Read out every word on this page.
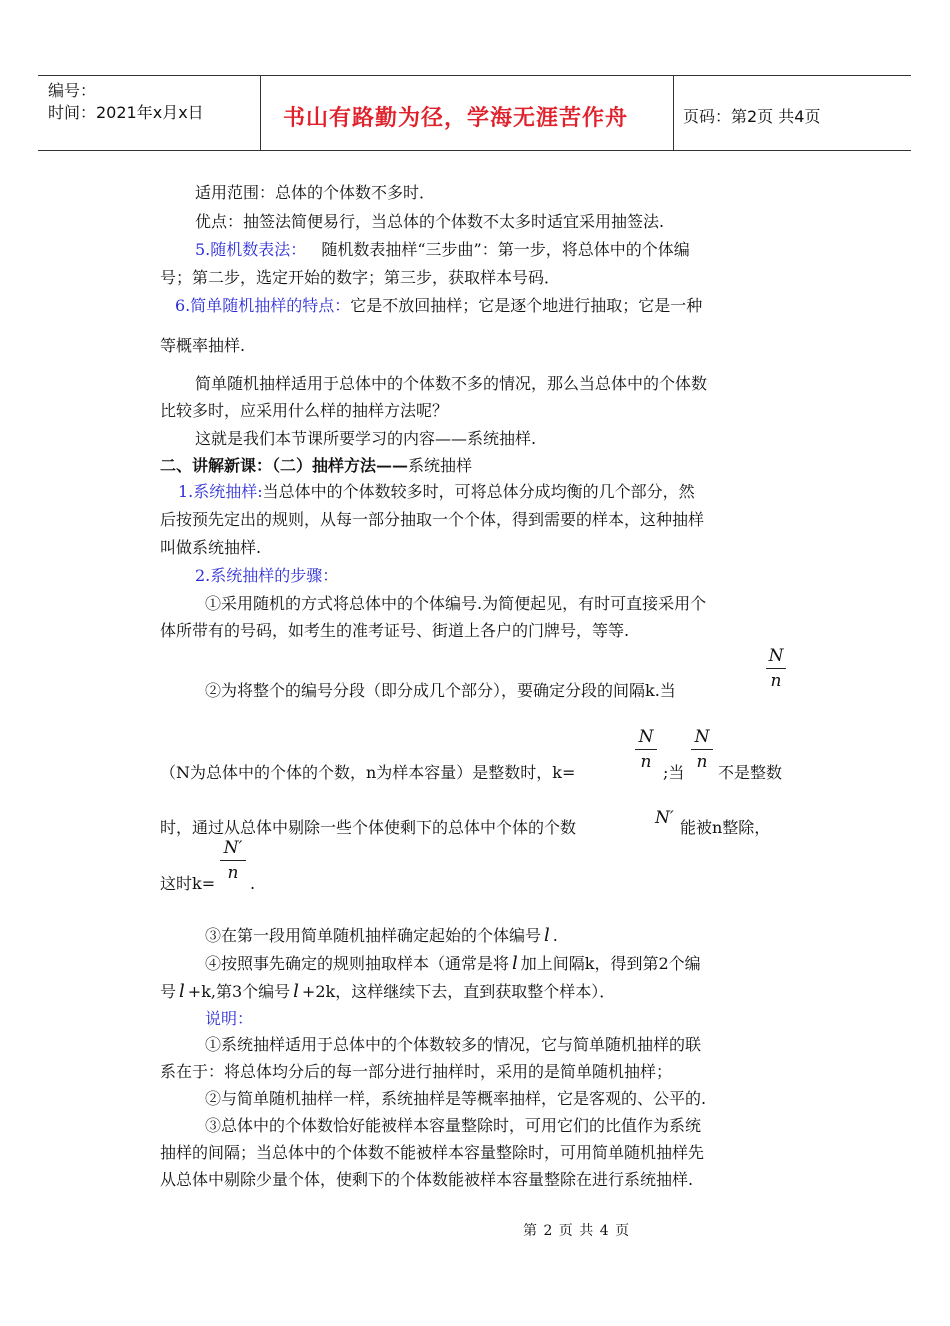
编号：
时间：2021年x月x日	书山有路勤为径，学海无涯苦作舟	页码：第2页 共4页
适用范围：总体的个体数不多时．
优点：抽签法简便易行，当总体的个体数不太多时适宜采用抽签法.
5.随机数表法： 随机数表抽样“三步曲”：第一步，将总体中的个体编
号；第二步，选定开始的数字；第三步，获取样本号码．
6.简单随机抽样的特点：它是不放回抽样；它是逐个地进行抽取；它是一种
等概率抽样.
简单随机抽样适用于总体中的个体数不多的情况，那么当总体中的个体数
比较多时，应采用什么样的抽样方法呢？
这就是我们本节课所要学习的内容——系统抽样.
二、讲解新课：（二）抽样方法——系统抽样
1.系统抽样:当总体中的个体数较多时，可将总体分成均衡的几个部分，然
后按预先定出的规则，从每一部分抽取一个个体，得到需要的样本，这种抽样
叫做系统抽样.
2.系统抽样的步骤：
①采用随机的方式将总体中的个体编号.为简便起见，有时可直接采用个
体所带有的号码，如考生的准考证号、街道上各户的门牌号，等等.
②为将整个的编号分段（即分成几个部分），要确定分段的间隔k.当
N
n
（N为总体中的个体的个数，n为样本容量）是整数时，k=
N
n
;当
N
n
不是整数
时，通过从总体中剔除一些个体使剩下的总体中个体的个数	N′ 能被n整除，
这时k=
N′
n
.
③在第一段用简单随机抽样确定起始的个体编号 l .
④按照事先确定的规则抽取样本（通常是将 l 加上间隔k，得到第2个编
号 l +k,第3个编号 l +2k，这样继续下去，直到获取整个样本）．
说明：
①系统抽样适用于总体中的个体数较多的情况，它与简单随机抽样的联
系在于：将总体均分后的每一部分进行抽样时，采用的是简单随机抽样；
②与简单随机抽样一样，系统抽样是等概率抽样，它是客观的、公平的.
③总体中的个体数恰好能被样本容量整除时，可用它们的比值作为系统
抽样的间隔；当总体中的个体数不能被样本容量整除时，可用简单随机抽样先
从总体中剔除少量个体，使剩下的个体数能被样本容量整除在进行系统抽样.
第 2 页 共 4 页
